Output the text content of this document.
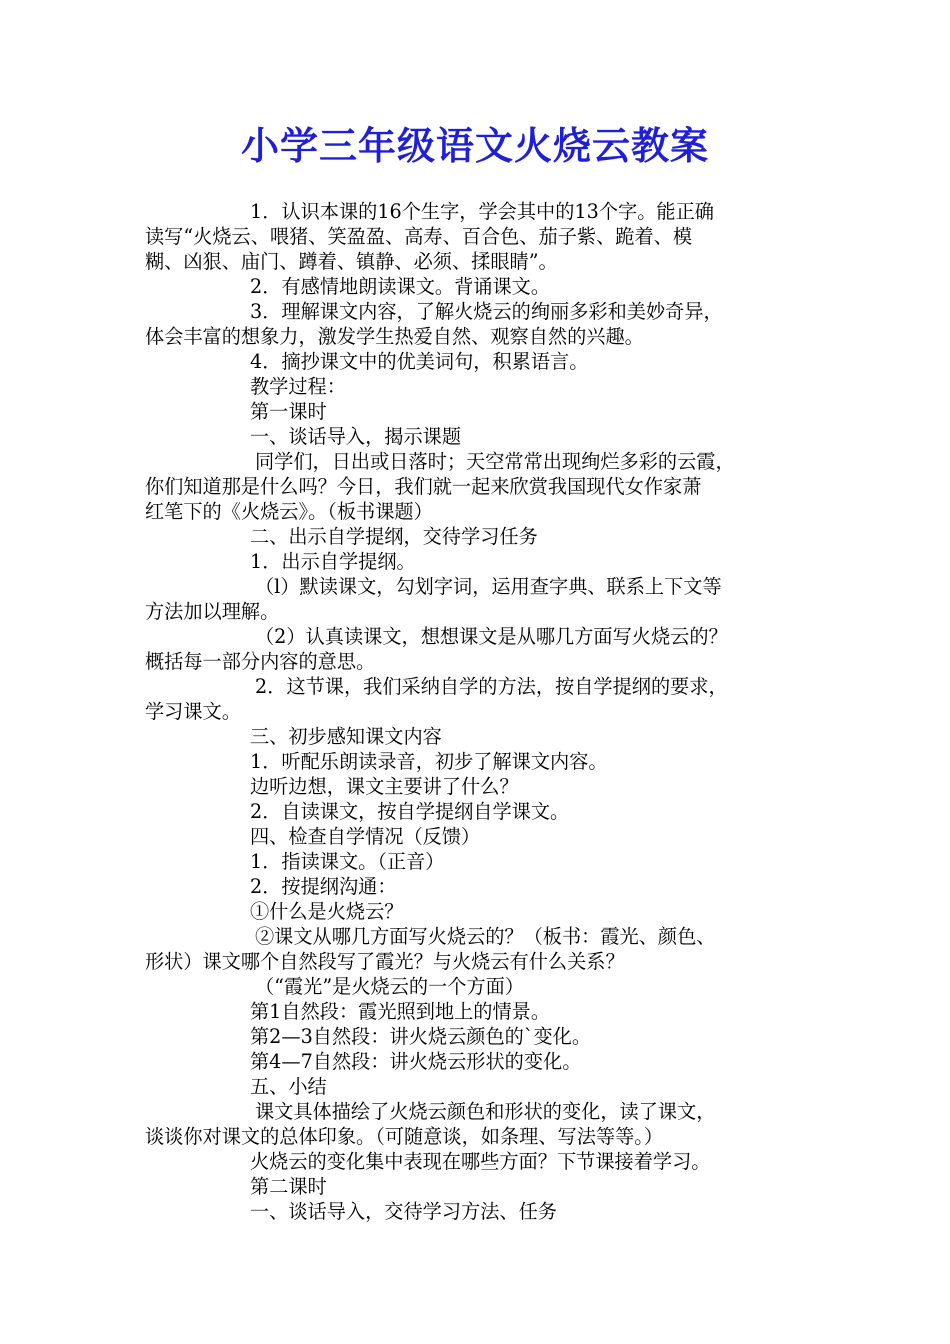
小学三年级语文火烧云教案

1．认识本课的16个生字，学会其中的13个字。能正确

读写“火烧云、喂猪、笑盈盈、高寿、百合色、茄子紫、跪着、模

糊、凶狠、庙门、蹲着、镇静、必须、揉眼睛”。

2．有感情地朗读课文。背诵课文。

3．理解课文内容，了解火烧云的绚丽多彩和美妙奇异，

体会丰富的想象力，激发学生热爱自然、观察自然的兴趣。

4．摘抄课文中的优美词句，积累语言。

教学过程：

第一课时

一、谈话导入，揭示课题

同学们，日出或日落时；天空常常出现绚烂多彩的云霞，

你们知道那是什么吗？今日，我们就一起来欣赏我国现代女作家萧

红笔下的《火烧云》。（板书课题）

二、出示自学提纲，交待学习任务

1．出示自学提纲。

（l）默读课文，勾划字词，运用查字典、联系上下文等

方法加以理解。

（2）认真读课文，想想课文是从哪几方面写火烧云的？

概括每一部分内容的意思。

2．这节课，我们采纳自学的方法，按自学提纲的要求，

学习课文。

三、初步感知课文内容

1．听配乐朗读录音，初步了解课文内容。

边听边想，课文主要讲了什么？

2．自读课文，按自学提纲自学课文。

四、检查自学情况（反馈）

1．指读课文。（正音）

2．按提纲沟通：

①什么是火烧云？

②课文从哪几方面写火烧云的？（板书：霞光、颜色、

形状）课文哪个自然段写了霞光？与火烧云有什么关系？

（“霞光”是火烧云的一个方面）

第1自然段：霞光照到地上的情景。

第2—3自然段：讲火烧云颜色的`变化。

第4—7自然段：讲火烧云形状的变化。

五、小结

课文具体描绘了火烧云颜色和形状的变化，读了课文，

谈谈你对课文的总体印象。（可随意谈，如条理、写法等等。）

火烧云的变化集中表现在哪些方面？下节课接着学习。

第二课时

一、谈话导入，交待学习方法、任务
